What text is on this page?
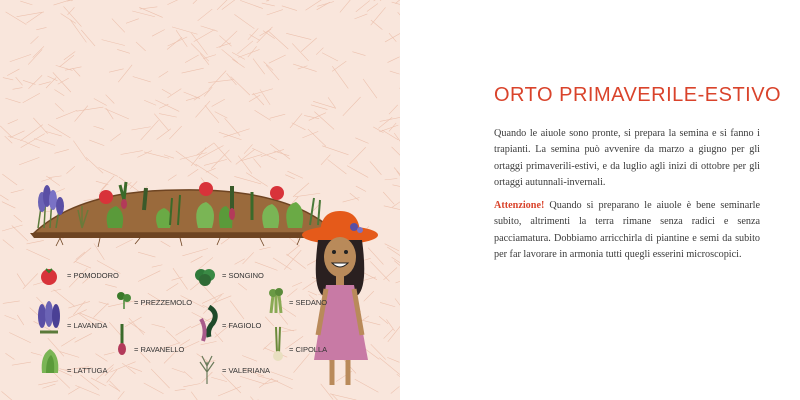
= POMODORO
= PREZZEMOLO
= SONGINO
= LAVANDA	= FAGIOLO
= SEDANO
= RAVANELLO	= CIPOLLA
= LATTUGA	= VALERIANA
ORTO PRIMAVERILE-ESTIVO

Quando le aiuole sono pronte, si prepara la semina e si fanno i trapianti. La semina può avvenire da marzo a giugno per gli ortaggi primaverili-estivi, e da luglio agli inizi di ottobre per gli ortaggi autunnali-invernali.

Attenzione! Quando si preparano le aiuole è bene seminarle subito, altrimenti la terra rimane senza radici e senza pacciamatura. Dobbiamo arricchirla di piantine e semi da subito per far lavorare in armonia tutti quegli esserini microscopici.
